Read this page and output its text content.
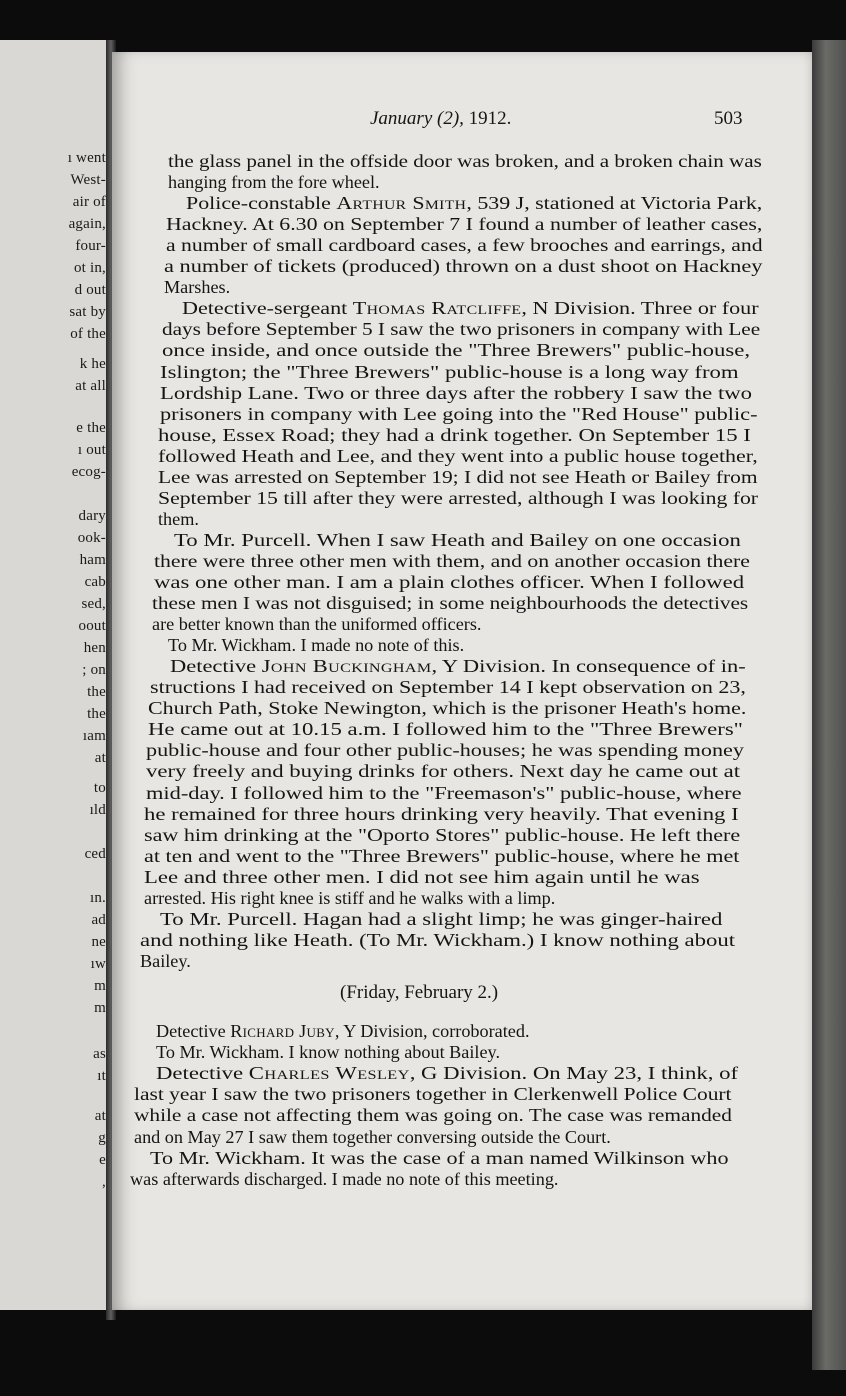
ı went
West-
air of
again,
four-
ot in,
d out
sat by
of the
k he
at all
e the
ı out
ecog-
dary
ook-
ham
cab
sed,
oout
hen
; on
the
the
ıam
at
to
ıld
ced
ın.
ad
ne
ıw
m
m
as
ıt
at
g
e
,
January (2), 1912.	503
the glass panel in the offside door was broken, and a broken chain was
hanging from the fore wheel.
Police-constable Arthur Smith, 539 J, stationed at Victoria Park,
Hackney. At 6.30 on September 7 I found a number of leather cases,
a number of small cardboard cases, a few brooches and earrings, and
a number of tickets (produced) thrown on a dust shoot on Hackney
Marshes.
Detective-sergeant Thomas Ratcliffe, N Division. Three or four
days before September 5 I saw the two prisoners in company with Lee
once inside, and once outside the "Three Brewers" public-house,
Islington; the "Three Brewers" public-house is a long way from
Lordship Lane. Two or three days after the robbery I saw the two
prisoners in company with Lee going into the "Red House" public-
house, Essex Road; they had a drink together. On September 15 I
followed Heath and Lee, and they went into a public house together,
Lee was arrested on September 19; I did not see Heath or Bailey from
September 15 till after they were arrested, although I was looking for
them.
To Mr. Purcell. When I saw Heath and Bailey on one occasion
there were three other men with them, and on another occasion there
was one other man. I am a plain clothes officer. When I followed
these men I was not disguised; in some neighbourhoods the detectives
are better known than the uniformed officers.
To Mr. Wickham. I made no note of this.
Detective John Buckingham, Y Division. In consequence of in-
structions I had received on September 14 I kept observation on 23,
Church Path, Stoke Newington, which is the prisoner Heath's home.
He came out at 10.15 a.m. I followed him to the "Three Brewers"
public-house and four other public-houses; he was spending money
very freely and buying drinks for others. Next day he came out at
mid-day. I followed him to the "Freemason's" public-house, where
he remained for three hours drinking very heavily. That evening I
saw him drinking at the "Oporto Stores" public-house. He left there
at ten and went to the "Three Brewers" public-house, where he met
Lee and three other men. I did not see him again until he was
arrested. His right knee is stiff and he walks with a limp.
To Mr. Purcell. Hagan had a slight limp; he was ginger-haired
and nothing like Heath. (To Mr. Wickham.) I know nothing about
Bailey.
Detective Richard Juby, Y Division, corroborated.
To Mr. Wickham. I know nothing about Bailey.
Detective Charles Wesley, G Division. On May 23, I think, of
last year I saw the two prisoners together in Clerkenwell Police Court
while a case not affecting them was going on. The case was remanded
and on May 27 I saw them together conversing outside the Court.
To Mr. Wickham. It was the case of a man named Wilkinson who
was afterwards discharged. I made no note of this meeting.
(Friday, February 2.)
